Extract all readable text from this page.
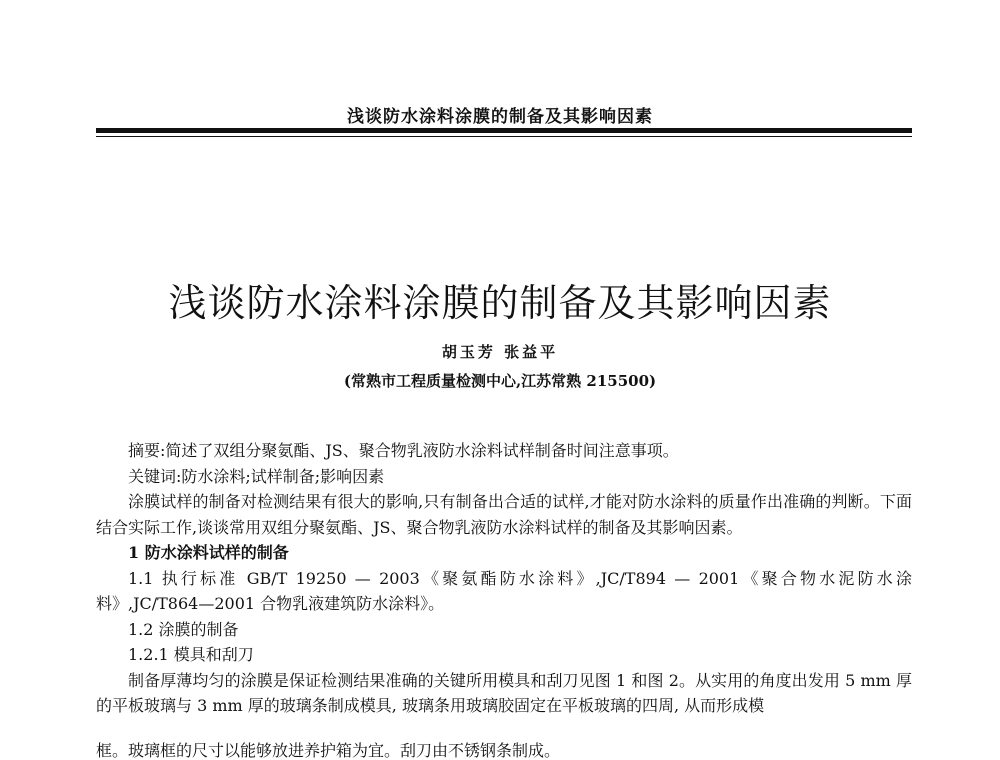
浅谈防水涂料涂膜的制备及其影响因素
浅谈防水涂料涂膜的制备及其影响因素
胡玉芳 张益平
(常熟市工程质量检测中心,江苏常熟 215500)

摘要:简述了双组分聚氨酯、JS、聚合物乳液防水涂料试样制备时间注意事项。

关键词:防水涂料;试样制备;影响因素

涂膜试样的制备对检测结果有很大的影响,只有制备出合适的试样,才能对防水涂料的质量作出准确的判断。下面结合实际工作,谈谈常用双组分聚氨酯、JS、聚合物乳液防水涂料试样的制备及其影响因素。

1 防水涂料试样的制备

1.1 执行标准 GB/T 19250 — 2003《聚氨酯防水涂料》,JC/T894 — 2001《聚合物水泥防水涂料》,JC/T864—2001 合物乳液建筑防水涂料》。

1.2 涂膜的制备

1.2.1 模具和刮刀

制备厚薄均匀的涂膜是保证检测结果准确的关键所用模具和刮刀见图 1 和图 2。从实用的角度出发用 5 mm 厚的平板玻璃与 3 mm 厚的玻璃条制成模具, 玻璃条用玻璃胶固定在平板玻璃的四周, 从而形成模

框。玻璃框的尺寸以能够放进养护箱为宜。刮刀由不锈钢条制成。
